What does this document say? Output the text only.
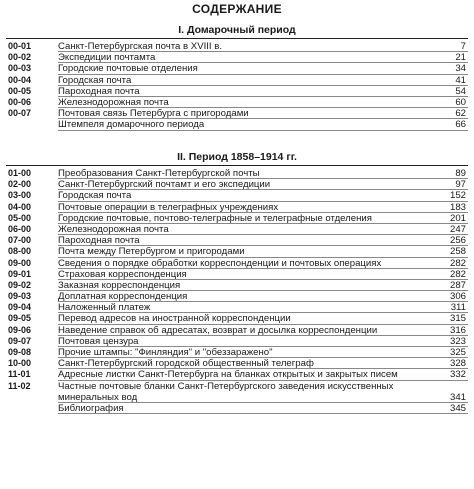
СОДЕРЖАНИЕ
I. Домарочный период
00-01	Санкт-Петербургская почта в XVIII в.	7
00-02	Экспедиции почтамта	21
00-03	Городские почтовые отделения	34
00-04	Городская почта	41
00-05	Пароходная почта	54
00-06	Железнодорожная почта	60
00-07	Почтовая связь Петербурга с пригородами	62
Штемпеля домарочного периода	66
II. Период 1858–1914 гг.
01-00	Преобразования Санкт-Петербургской почты	89
02-00	Санкт-Петербургский почтамт и его экспедиции	97
03-00	Городская почта	152
04-00	Почтовые операции в телеграфных учреждениях	183
05-00	Городские почтовые, почтово-телеграфные и телеграфные отделения	201
06-00	Железнодорожная почта	247
07-00	Пароходная почта	256
08-00	Почта между Петербургом и пригородами	258
09-00	Сведения о порядке обработки корреспонденции и почтовых операциях	282
09-01	Страховая корреспонденция	282
09-02	Заказная корреспонденция	287
09-03	Доплатная корреспонденция	306
09-04	Наложенный платеж	311
09-05	Перевод адресов на иностранной корреспонденции	315
09-06	Наведение справок об адресатах, возврат и досылка корреспонденции	316
09-07	Почтовая цензура	323
09-08	Прочие штампы: "Финляндия" и "обеззаражено"	325
10-00	Санкт-Петербургский городской общественный телеграф	328
11-01	Адресные листки Санкт-Петербурга на бланках открытых и закрытых писем	332
11-02	Частные почтовые бланки Санкт-Петербургского заведения искусственных минеральных вод	341
Библиография	345
